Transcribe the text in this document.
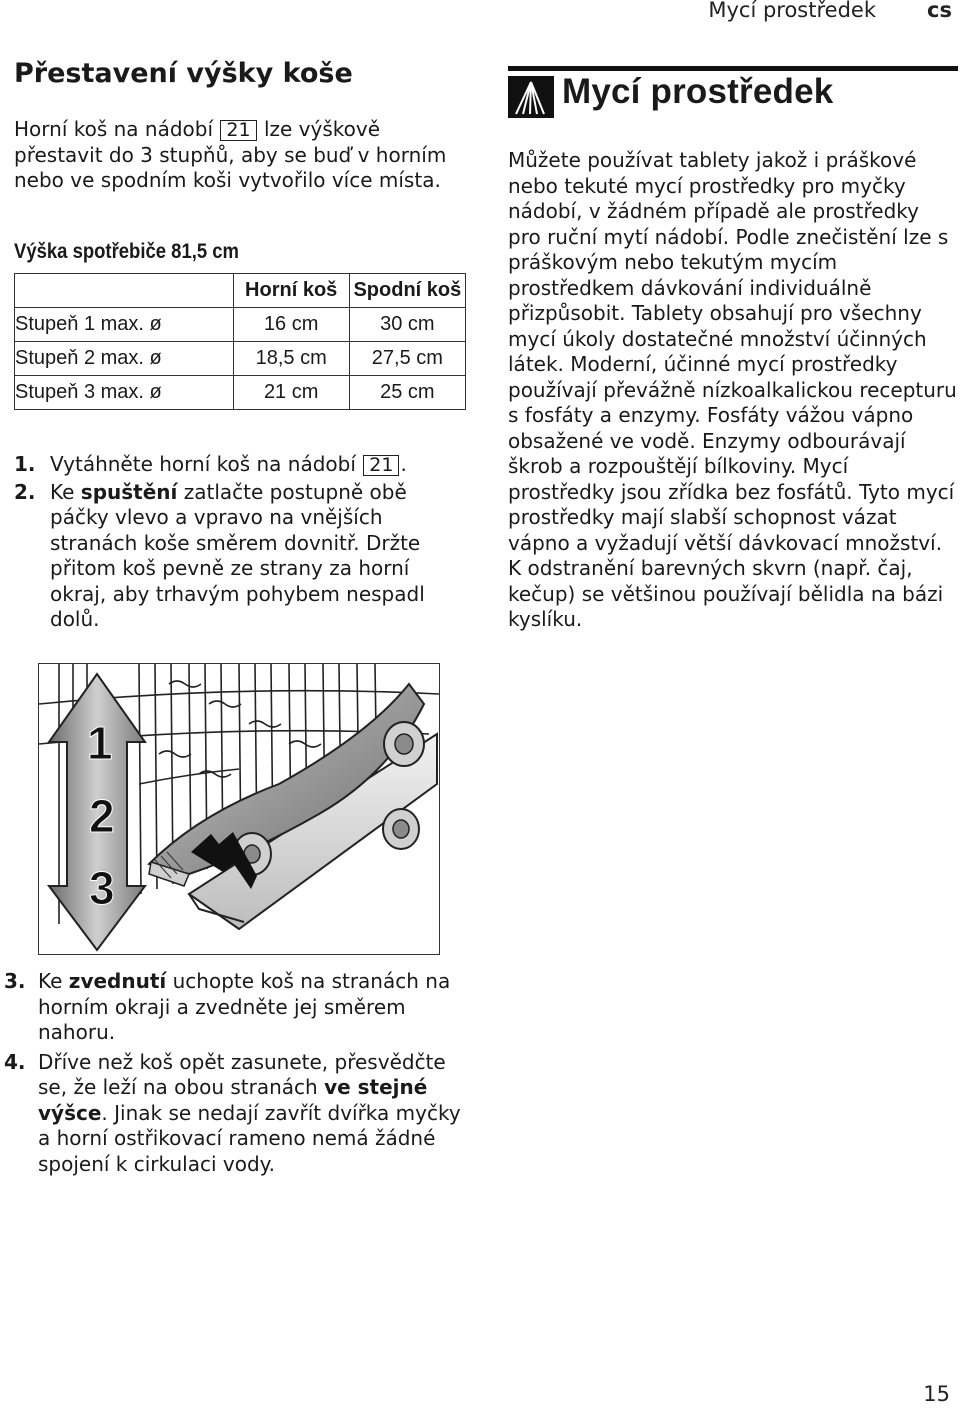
Mycí prostředek cs
Přestavení výšky koše
Horní koš na nádobí 21 lze výškově přestavit do 3 stupňů, aby se buď v horním nebo ve spodním koši vytvořilo více místa.
Výška spotřebiče 81,5 cm
	Horní koš	Spodní koš
Stupeň 1 max. ø	16 cm	30 cm
Stupeň 2 max. ø	18,5 cm	27,5 cm
Stupeň 3 max. ø	21 cm	25 cm
1. Vytáhněte horní koš na nádobí 21 .
2. Ke spuštění zatlačte postupně obě páčky vlevo a vpravo na vnějších stranách koše směrem dovnitř. Držte přitom koš pevně ze strany za horní okraj, aby trhavým pohybem nespadl dolů.
1
2
3
3. Ke zvednutí uchopte koš na stranách na horním okraji a zvedněte jej směrem nahoru.
4. Dříve než koš opět zasunete, přesvědčte se, že leží na obou stranách ve stejné výšce. Jinak se nedají zavřít dvířka myčky a horní ostřikovací rameno nemá žádné spojení k cirkulaci vody.
Mycí prostředek
Můžete používat tablety jakož i práškové nebo tekuté mycí prostředky pro myčky nádobí, v žádném případě ale prostředky pro ruční mytí nádobí. Podle znečistění lze s práškovým nebo tekutým mycím prostředkem dávkování individuálně přizpůsobit. Tablety obsahují pro všechny mycí úkoly dostatečné množství účinných látek. Moderní, účinné mycí prostředky používají převážně nízkoalkalickou recepturu s fosfáty a enzymy. Fosfáty vážou vápno obsažené ve vodě. Enzymy odbourávají škrob a rozpouštějí bílkoviny. Mycí prostředky jsou zřídka bez fosfátů. Tyto mycí prostředky mají slabší schopnost vázat vápno a vyžadují větší dávkovací množství. K odstranění barevných skvrn (např. čaj, kečup) se většinou používají bělidla na bázi kyslíku.
15
